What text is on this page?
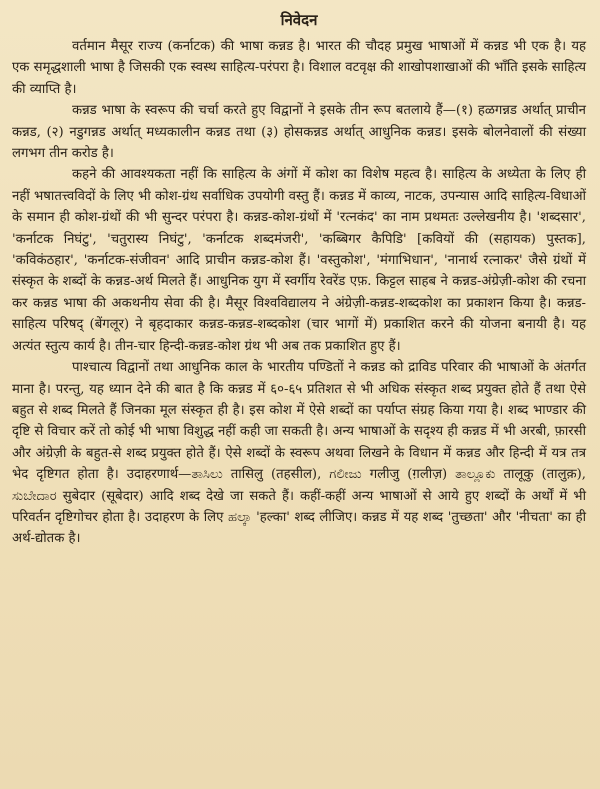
निवेदन

वर्तमान मैसूर राज्य (कर्नाटक) की भाषा कन्नड है। भारत की चौदह प्रमुख भाषाओं में कन्नड भी एक है। यह एक समृद्धशाली भाषा है जिसकी एक स्वस्थ साहित्य-परंपरा है। विशाल वटवृक्ष की शाखोपशाखाओं की भाँति इसके साहित्य की व्याप्ति है।

कन्नड भाषा के स्वरूप की चर्चा करते हुए विद्वानों ने इसके तीन रूप बतलाये हैं—(१) हळगन्नड अर्थात् प्राचीन कन्नड, (२) नडुगन्नड अर्थात् मध्यकालीन कन्नड तथा (३) होसकन्नड अर्थात् आधुनिक कन्नड। इसके बोलनेवालों की संख्या लगभग तीन करोड है।

कहने की आवश्यकता नहीं कि साहित्य के अंगों में कोश का विशेष महत्व है। साहित्य के अध्येता के लिए ही नहीं भषातत्त्वविदों के लिए भी कोश-ग्रंथ सर्वाधिक उपयोगी वस्तु हैं। कन्नड में काव्य, नाटक, उपन्यास आदि साहित्य-विधाओं के समान ही कोश-ग्रंथों की भी सुन्दर परंपरा है। कन्नड-कोश-ग्रंथों में 'रत्नकंद' का नाम प्रथमतः उल्लेखनीय है। 'शब्दसार', 'कर्नाटक निघंटु', 'चतुरास्य निघंटु', 'कर्नाटक शब्दमंजरी', 'कब्बिगर कैपिडि' [कवियों की (सहायक) पुस्तक], 'कविकंठहार', 'कर्नाटक-संजीवन' आदि प्राचीन कन्नड-कोश हैं। 'वस्तुकोश', 'मंगाभिधान', 'नानार्थ रत्नाकर' जैसे ग्रंथों में संस्कृत के शब्दों के कन्नड-अर्थ मिलते हैं। आधुनिक युग में स्वर्गीय रेवरेंड एफ़. किट्टल साहब ने कन्नड-अंग्रेज़ी-कोश की रचना कर कन्नड भाषा की अकथनीय सेवा की है। मैसूर विश्वविद्यालय ने अंग्रेज़ी-कन्नड-शब्दकोश का प्रकाशन किया है। कन्नड-साहित्य परिषद् (बेंगलूर) ने बृहदाकार कन्नड-कन्नड-शब्दकोश (चार भागों में) प्रकाशित करने की योजना बनायी है। यह अत्यंत स्तुत्य कार्य है। तीन-चार हिन्दी-कन्नड-कोश ग्रंथ भी अब तक प्रकाशित हुए हैं।

पाश्चात्य विद्वानों तथा आधुनिक काल के भारतीय पण्डितों ने कन्नड को द्राविड परिवार की भाषाओं के अंतर्गत माना है। परन्तु, यह ध्यान देने की बात है कि कन्नड में ६०-६५ प्रतिशत से भी अधिक संस्कृत शब्द प्रयुक्त होते हैं तथा ऐसे बहुत से शब्द मिलते हैं जिनका मूल संस्कृत ही है। इस कोश में ऐसे शब्दों का पर्याप्त संग्रह किया गया है। शब्द भाण्डार की दृष्टि से विचार करें तो कोई भी भाषा विशुद्ध नहीं कही जा सकती है। अन्य भाषाओं के सदृश्य ही कन्नड में भी अरबी, फ़ारसी और अंग्रेज़ी के बहुत-से शब्द प्रयुक्त होते हैं। ऐसे शब्दों के स्वरूप अथवा लिखने के विधान में कन्नड और हिन्दी में यत्र तत्र भेद दृष्टिगत होता है। उदाहरणार्थ—ತಾಸಿಲು तासिलु (तहसील), ಗಲೀಜು गलीजु (ग़लीज़) ತಾಲ್ಲೂಕು तालूकु (तालुक़), ಸುಬೇದಾರ ‍सुबेदार (सूबेदार) आदि शब्द देखे जा सकते हैं। कहीं-कहीं अन्य भाषाओं से आये हुए शब्दों के अर्थों में भी परिवर्तन दृष्टिगोचर होता है। उदाहरण के लिए ಹಲ್ಕಾ 'हल्का' शब्द लीजिए। कन्नड में यह शब्द 'तुच्छता' और 'नीचता' का ही अर्थ-द्योतक है।
